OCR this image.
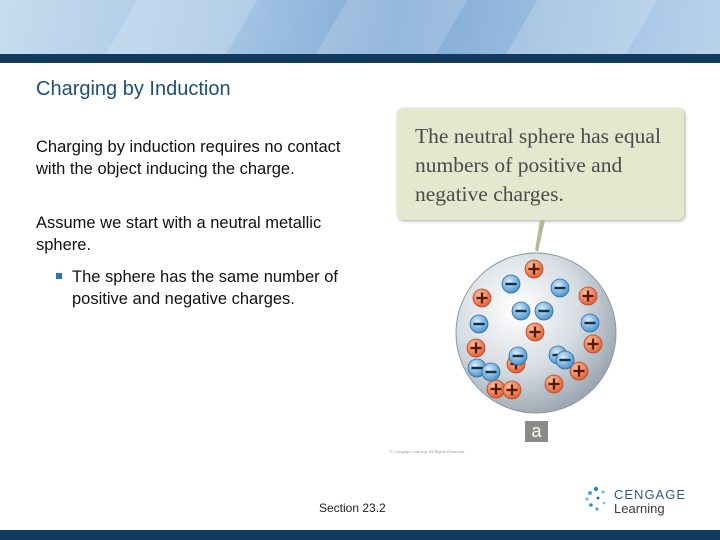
Charging by Induction
Charging by induction requires no contact with the object inducing the charge.
Assume we start with a neutral metallic sphere.
The sphere has the same number of positive and negative charges.
The neutral sphere has equal numbers of positive and negative charges.
© Cengage Learning. All Rights Reserved.
a
Section 23.2
CENGAGE
Learning
